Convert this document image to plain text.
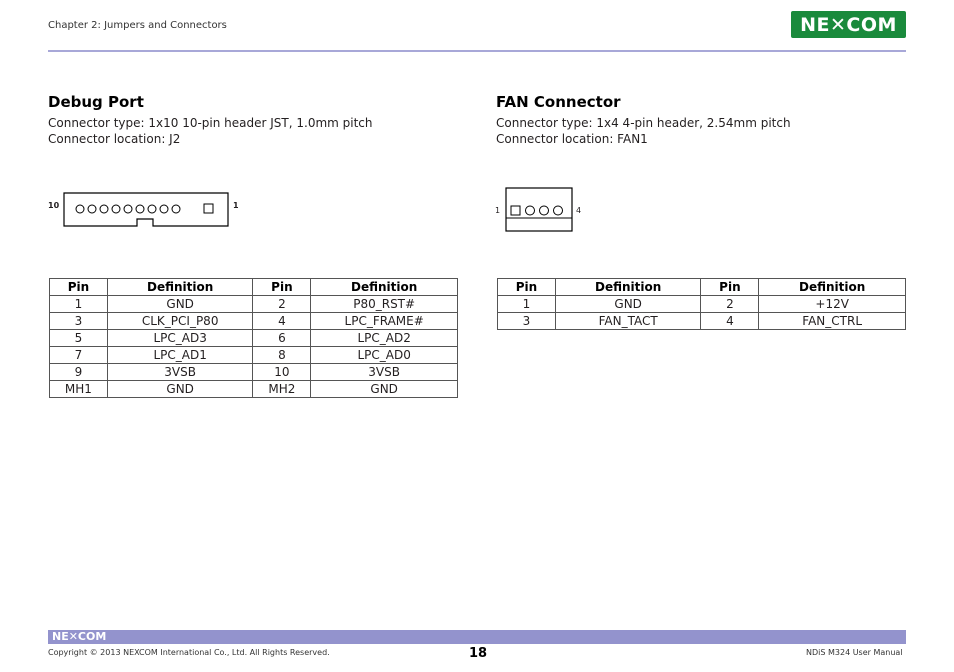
Chapter 2: Jumpers and Connectors	NE✕COM
Debug Port
Connector type: 1x10 10-pin header JST, 1.0mm pitch
Connector location: J2
10	1
Pin	Definition	Pin	Definition
1	GND	2	P80_RST#
3	CLK_PCI_P80	4	LPC_FRAME#
5	LPC_AD3	6	LPC_AD2
7	LPC_AD1	8	LPC_AD0
9	3VSB	10	3VSB
MH1	GND	MH2	GND
FAN Connector
Connector type: 1x4 4-pin header, 2.54mm pitch
Connector location: FAN1
1	4
Pin	Definition	Pin	Definition
1	GND	2	+12V
3	FAN_TACT	4	FAN_CTRL
NE✕COM
Copyright © 2013 NEXCOM International Co., Ltd. All Rights Reserved.	18	NDiS M324 User Manual
